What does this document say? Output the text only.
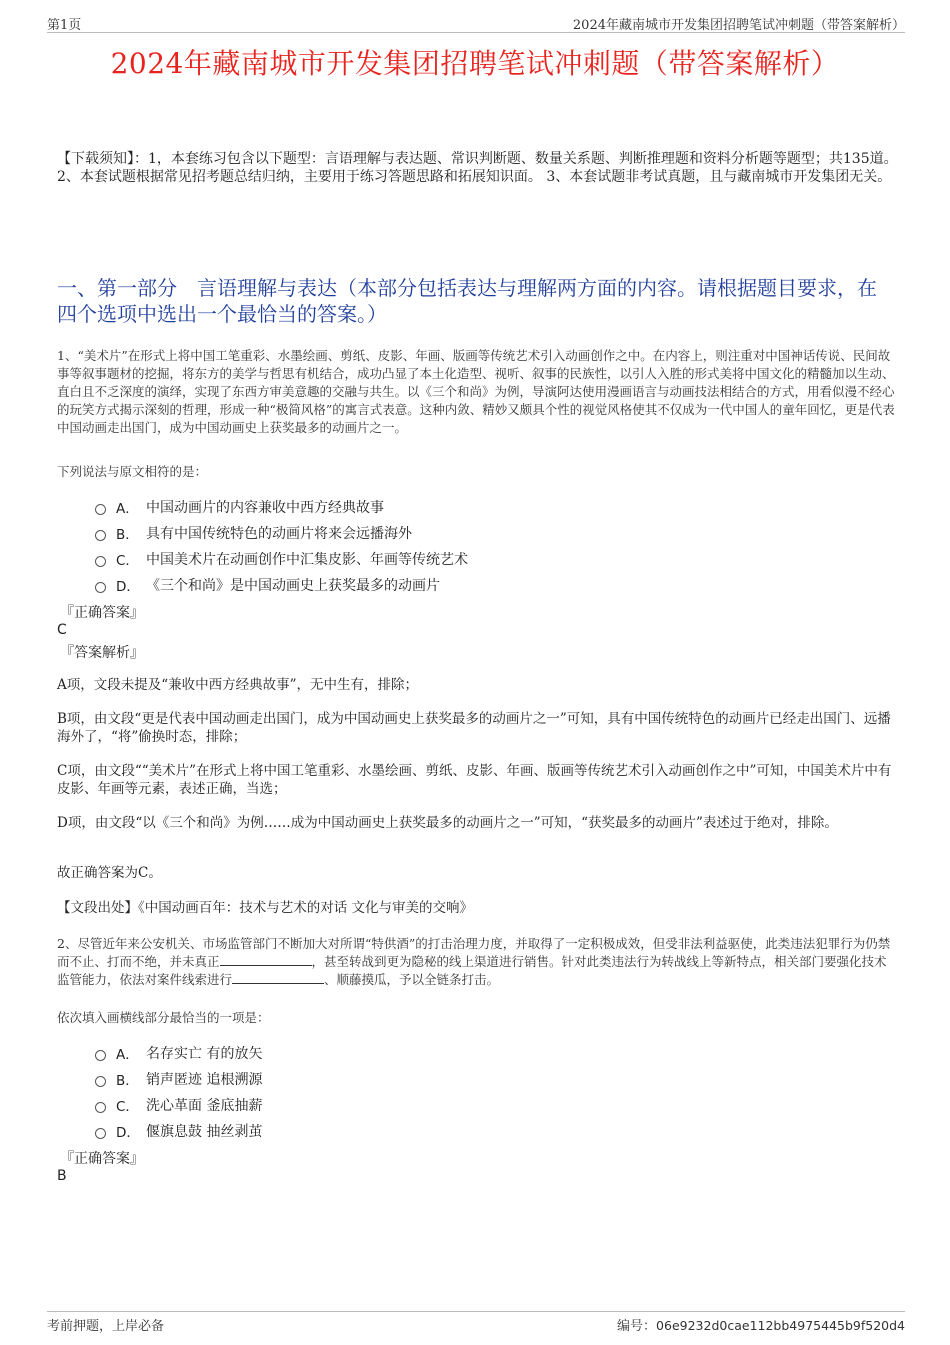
第1页	2024年藏南城市开发集团招聘笔试冲刺题（带答案解析）
2024年藏南城市开发集团招聘笔试冲刺题（带答案解析）
【下载须知】：1，本套练习包含以下题型：言语理解与表达题、常识判断题、数量关系题、判断推理题和资料分析题等题型；共135道。 2、本套试题根据常见招考题总结归纳，主要用于练习答题思路和拓展知识面。 3、本套试题非考试真题，且与藏南城市开发集团无关。
一、第一部分　言语理解与表达（本部分包括表达与理解两方面的内容。请根据题目要求，在四个选项中选出一个最恰当的答案。）
1、“美术片”在形式上将中国工笔重彩、水墨绘画、剪纸、皮影、年画、版画等传统艺术引入动画创作之中。在内容上，则注重对中国神话传说、民间故事等叙事题材的挖掘，将东方的美学与哲思有机结合，成功凸显了本土化造型、视听、叙事的民族性，以引人入胜的形式美将中国文化的精髓加以生动、直白且不乏深度的演绎，实现了东西方审美意趣的交融与共生。以《三个和尚》为例，导演阿达使用漫画语言与动画技法相结合的方式，用看似漫不经心的玩笑方式揭示深刻的哲理，形成一种“极简风格”的寓言式表意。这种内敛、精妙又颇具个性的视觉风格使其不仅成为一代中国人的童年回忆，更是代表中国动画走出国门，成为中国动画史上获奖最多的动画片之一。
下列说法与原文相符的是：
A． 中国动画片的内容兼收中西方经典故事
B． 具有中国传统特色的动画片将来会远播海外
C． 中国美术片在动画创作中汇集皮影、年画等传统艺术
D． 《三个和尚》是中国动画史上获奖最多的动画片
『正确答案』
C
『答案解析』
A项，文段未提及“兼收中西方经典故事”，无中生有，排除；
B项，由文段“更是代表中国动画走出国门，成为中国动画史上获奖最多的动画片之一”可知，具有中国传统特色的动画片已经走出国门、远播海外了，“将”偷换时态，排除；
C项，由文段““美术片”在形式上将中国工笔重彩、水墨绘画、剪纸、皮影、年画、版画等传统艺术引入动画创作之中”可知，中国美术片中有皮影、年画等元素，表述正确，当选；
D项，由文段“以《三个和尚》为例……成为中国动画史上获奖最多的动画片之一”可知，“获奖最多的动画片”表述过于绝对，排除。
故正确答案为C。
【文段出处】《中国动画百年：技术与艺术的对话 文化与审美的交响》
2、尽管近年来公安机关、市场监管部门不断加大对所谓“特供酒”的打击治理力度，并取得了一定积极成效，但受非法利益驱使，此类违法犯罪行为仍禁而不止、打而不绝，并未真正	，甚至转战到更为隐秘的线上渠道进行销售。针对此类违法行为转战线上等新特点，相关部门要强化技术监管能力，依法对案件线索进行	、顺藤摸瓜，予以全链条打击。
依次填入画横线部分最恰当的一项是：
A． 名存实亡 有的放矢
B． 销声匿迹 追根溯源
C． 洗心革面 釜底抽薪
D． 偃旗息鼓 抽丝剥茧
『正确答案』
B
考前押题，上岸必备	编号：06e9232d0cae112bb4975445b9f520d4
